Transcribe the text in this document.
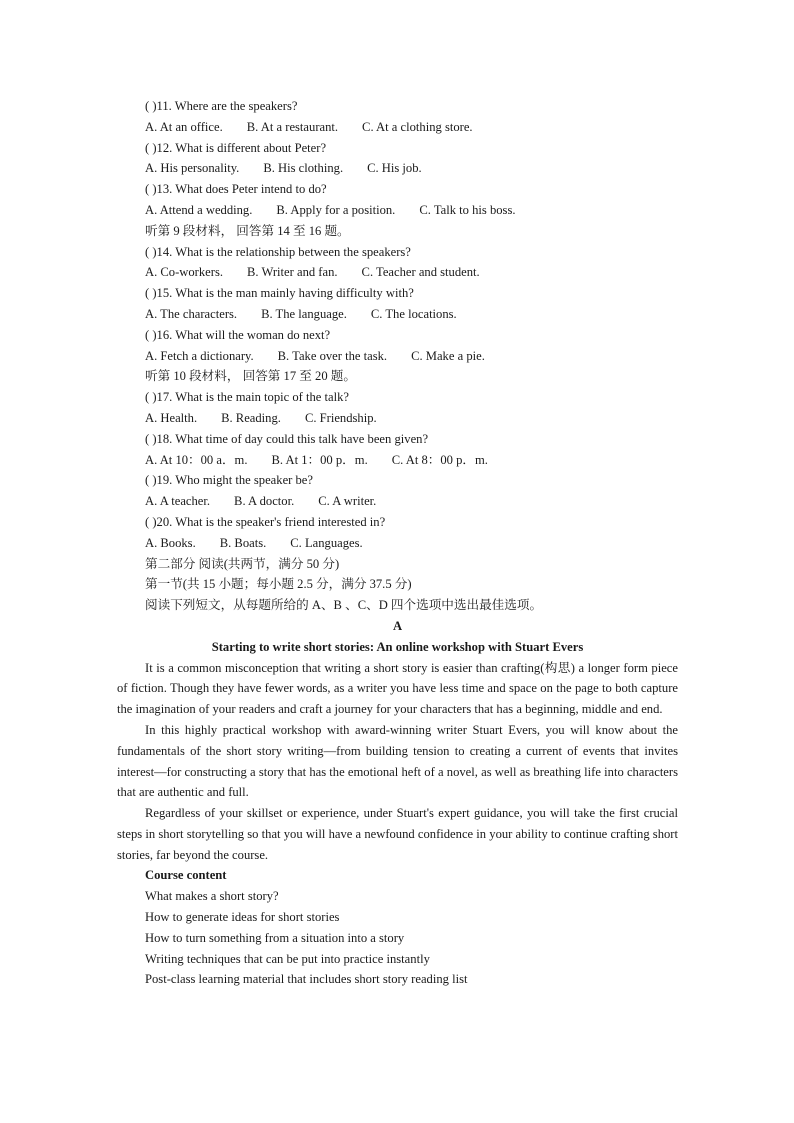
( )11. Where are the speakers?
A. At an office. B. At a restaurant. C. At a clothing store.
( )12. What is different about Peter?
A. His personality. B. His clothing. C. His job.
( )13. What does Peter intend to do?
A. Attend a wedding. B. Apply for a position. C. Talk to his boss.
听第 9 段材料， 回答第 14 至 16 题。
( )14. What is the relationship between the speakers?
A. Co-workers. B. Writer and fan. C. Teacher and student.
( )15. What is the man mainly having difficulty with?
A. The characters. B. The language. C. The locations.
( )16. What will the woman do next?
A. Fetch a dictionary. B. Take over the task. C. Make a pie.
听第 10 段材料， 回答第 17 至 20 题。
( )17. What is the main topic of the talk?
A. Health. B. Reading. C. Friendship.
( )18. What time of day could this talk have been given?
A. At 10：00 a．m. B. At 1：00 p．m. C. At 8：00 p．m.
( )19. Who might the speaker be?
A. A teacher. B. A doctor. C. A writer.
( )20. What is the speaker's friend interested in?
A. Books. B. Boats. C. Languages.
第二部分 阅读(共两节，满分 50 分)
第一节(共 15 小题；每小题 2.5 分，满分 37.5 分)
阅读下列短文，从每题所给的 A、B 、C、D 四个选项中选出最佳选项。
A
Starting to write short stories: An online workshop with Stuart Evers

It is a common misconception that writing a short story is easier than crafting(构思) a longer form piece of fiction. Though they have fewer words, as a writer you have less time and space on the page to both capture the imagination of your readers and craft a journey for your characters that has a beginning, middle and end.

In this highly practical workshop with award-winning writer Stuart Evers, you will know about the fundamentals of the short story writing—from building tension to creating a current of events that invites interest—for constructing a story that has the emotional heft of a novel, as well as breathing life into characters that are authentic and full.

Regardless of your skillset or experience, under Stuart's expert guidance, you will take the first crucial steps in short storytelling so that you will have a newfound confidence in your ability to continue crafting short stories, far beyond the course.

Course content
What makes a short story?
How to generate ideas for short stories
How to turn something from a situation into a story
Writing techniques that can be put into practice instantly
Post-class learning material that includes short story reading list
